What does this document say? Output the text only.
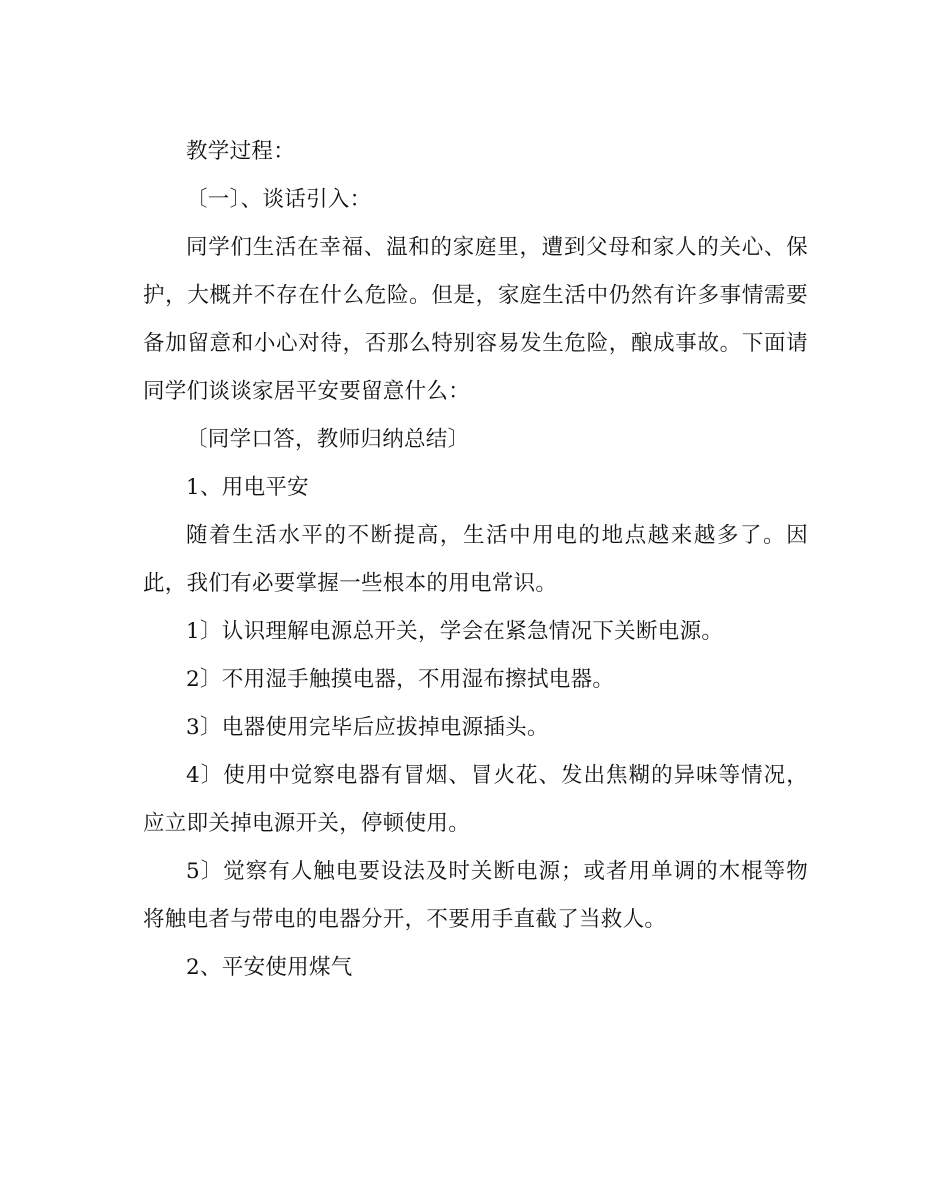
教学过程：

〔一〕、谈话引入：

同学们生活在幸福、温和的家庭里，遭到父母和家人的关心、保护，大概并不存在什么危险。但是，家庭生活中仍然有许多事情需要备加留意和小心对待，否那么特别容易发生危险，酿成事故。下面请同学们谈谈家居平安要留意什么：

〔同学口答，教师归纳总结〕

1、用电平安

随着生活水平的不断提高，生活中用电的地点越来越多了。因此，我们有必要掌握一些根本的用电常识。

1〕认识理解电源总开关，学会在紧急情况下关断电源。

2〕不用湿手触摸电器，不用湿布擦拭电器。

3〕电器使用完毕后应拔掉电源插头。

4〕使用中觉察电器有冒烟、冒火花、发出焦糊的异味等情况，应立即关掉电源开关，停顿使用。

5〕觉察有人触电要设法及时关断电源；或者用单调的木棍等物将触电者与带电的电器分开，不要用手直截了当救人。

2、平安使用煤气
